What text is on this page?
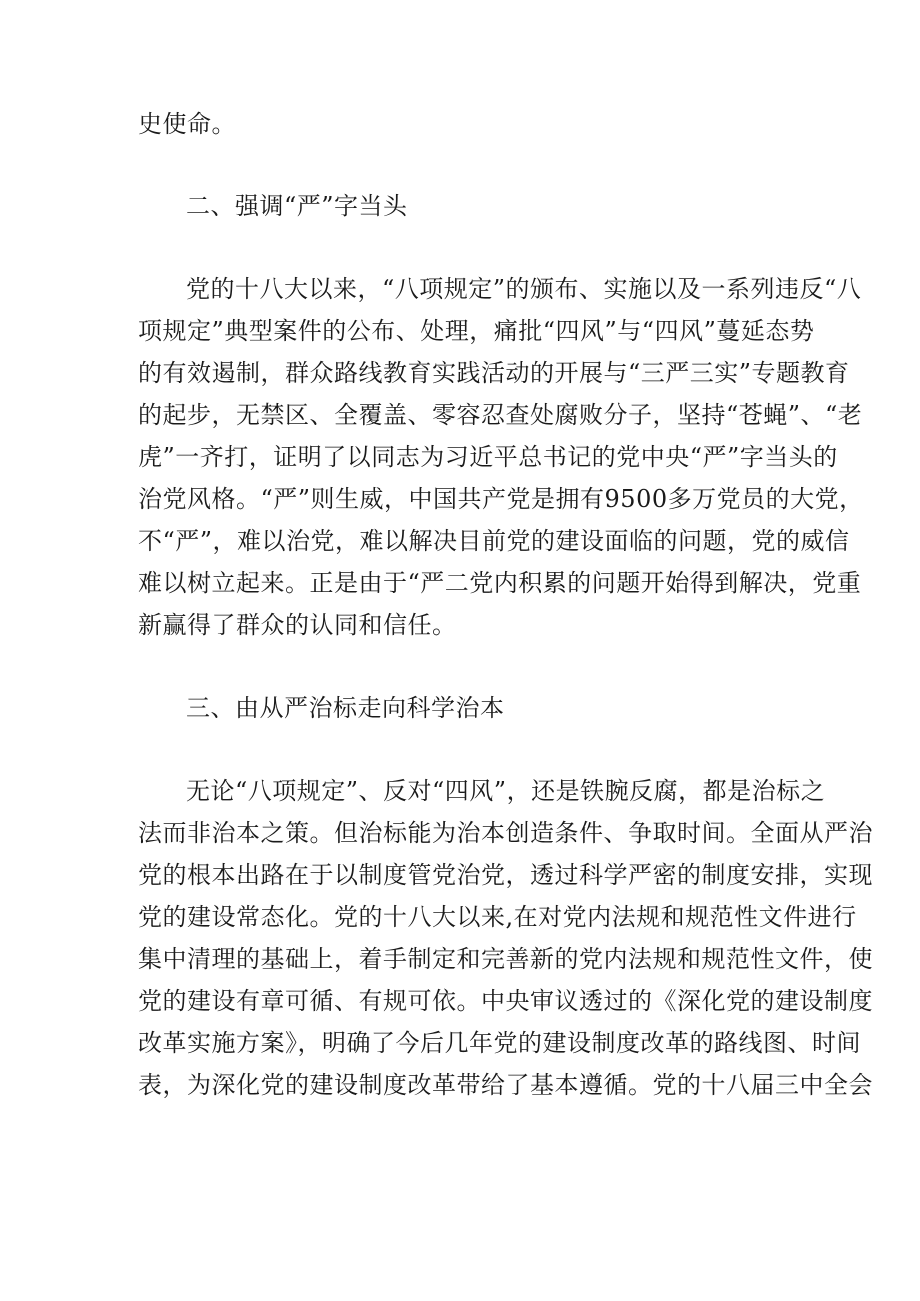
史使命。
二、强调“严”字当头
党的十八大以来，“八项规定”的颁布、实施以及一系列违反“八
项规定”典型案件的公布、处理，痛批“四风”与“四风”蔓延态势
的有效遏制，群众路线教育实践活动的开展与“三严三实”专题教育
的起步，无禁区、全覆盖、零容忍查处腐败分子，坚持“苍蝇”、“老
虎”一齐打，证明了以同志为习近平总书记的党中央“严”字当头的
治党风格。“严”则生威，中国共产党是拥有9500多万党员的大党，
不“严”，难以治党，难以解决目前党的建设面临的问题，党的威信
难以树立起来。正是由于“严二党内积累的问题开始得到解决，党重
新赢得了群众的认同和信任。
三、由从严治标走向科学治本
无论“八项规定”、反对“四风”，还是铁腕反腐，都是治标之
法而非治本之策。但治标能为治本创造条件、争取时间。全面从严治
党的根本出路在于以制度管党治党，透过科学严密的制度安排，实现
党的建设常态化。党的十八大以来,在对党内法规和规范性文件进行
集中清理的基础上，着手制定和完善新的党内法规和规范性文件，使
党的建设有章可循、有规可依。中央审议透过的《深化党的建设制度
改革实施方案》，明确了今后几年党的建设制度改革的路线图、时间
表，为深化党的建设制度改革带给了基本遵循。党的十八届三中全会
